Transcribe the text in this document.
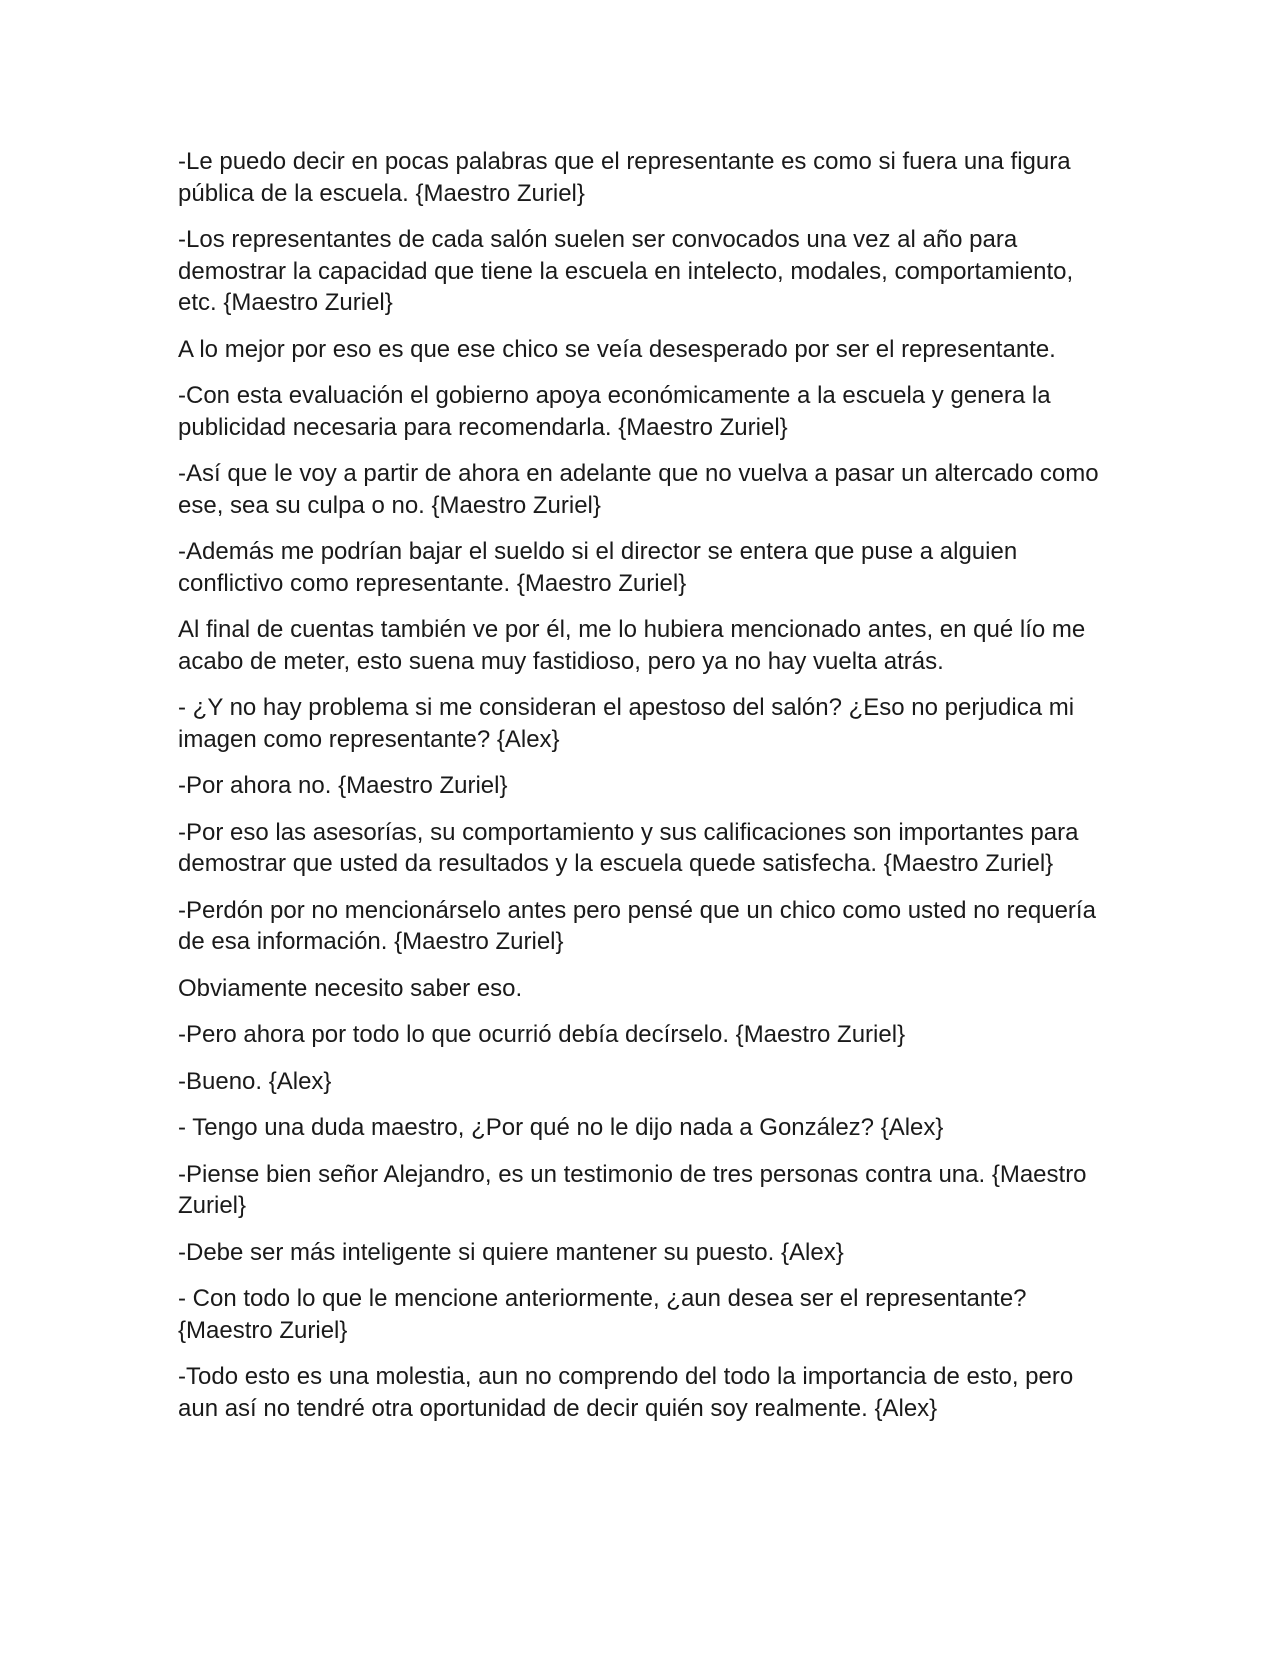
-Le puedo decir en pocas palabras que el representante es como si fuera una figura pública de la escuela. {Maestro Zuriel}

-Los representantes de cada salón suelen ser convocados una vez al año para demostrar la capacidad que tiene la escuela en intelecto, modales, comportamiento, etc. {Maestro Zuriel}

A lo mejor por eso es que ese chico se veía desesperado por ser el representante.

-Con esta evaluación el gobierno apoya económicamente a la escuela y genera la publicidad necesaria para recomendarla. {Maestro Zuriel}

-Así que le voy a partir de ahora en adelante que no vuelva a pasar un altercado como ese, sea su culpa o no. {Maestro Zuriel}

-Además me podrían bajar el sueldo si el director se entera que puse a alguien conflictivo como representante. {Maestro Zuriel}

Al final de cuentas también ve por él, me lo hubiera mencionado antes, en qué lío me acabo de meter, esto suena muy fastidioso, pero ya no hay vuelta atrás.

- ¿Y no hay problema si me consideran el apestoso del salón? ¿Eso no perjudica mi imagen como representante? {Alex}

-Por ahora no. {Maestro Zuriel}

-Por eso las asesorías, su comportamiento y sus calificaciones son importantes para demostrar que usted da resultados y la escuela quede satisfecha. {Maestro Zuriel}

-Perdón por no mencionárselo antes pero pensé que un chico como usted no requería de esa información. {Maestro Zuriel}

Obviamente necesito saber eso.

-Pero ahora por todo lo que ocurrió debía decírselo. {Maestro Zuriel}

-Bueno. {Alex}

- Tengo una duda maestro, ¿Por qué no le dijo nada a González? {Alex}

-Piense bien señor Alejandro, es un testimonio de tres personas contra una. {Maestro Zuriel}

-Debe ser más inteligente si quiere mantener su puesto. {Alex}

- Con todo lo que le mencione anteriormente, ¿aun desea ser el representante? {Maestro Zuriel}

-Todo esto es una molestia, aun no comprendo del todo la importancia de esto, pero aun así no tendré otra oportunidad de decir quién soy realmente. {Alex}
